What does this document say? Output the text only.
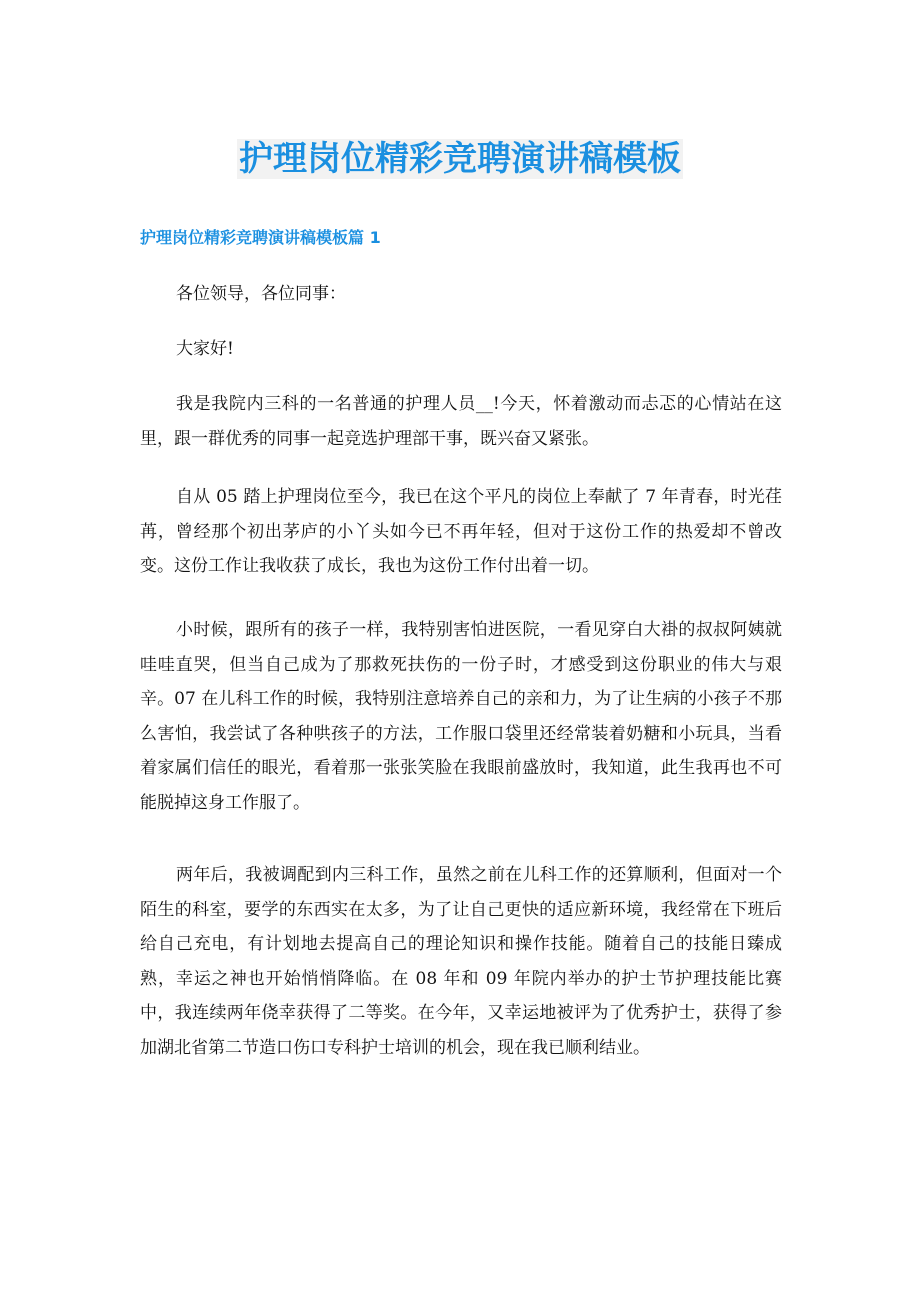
护理岗位精彩竞聘演讲稿模板
护理岗位精彩竞聘演讲稿模板篇 1

各位领导，各位同事：

大家好!

我是我院内三科的一名普通的护理人员__!今天，怀着激动而忐忑的心情站在这里，跟一群优秀的同事一起竞选护理部干事，既兴奋又紧张。

自从 05 踏上护理岗位至今，我已在这个平凡的岗位上奉献了 7 年青春，时光荏苒，曾经那个初出茅庐的小丫头如今已不再年轻，但对于这份工作的热爱却不曾改变。这份工作让我收获了成长，我也为这份工作付出着一切。

小时候，跟所有的孩子一样，我特别害怕进医院，一看见穿白大褂的叔叔阿姨就哇哇直哭，但当自己成为了那救死扶伤的一份子时，才感受到这份职业的伟大与艰辛。07 在儿科工作的时候，我特别注意培养自己的亲和力，为了让生病的小孩子不那么害怕，我尝试了各种哄孩子的方法，工作服口袋里还经常装着奶糖和小玩具，当看着家属们信任的眼光，看着那一张张笑脸在我眼前盛放时，我知道，此生我再也不可能脱掉这身工作服了。

两年后，我被调配到内三科工作，虽然之前在儿科工作的还算顺利，但面对一个陌生的科室，要学的东西实在太多，为了让自己更快的适应新环境，我经常在下班后给自己充电，有计划地去提高自己的理论知识和操作技能。随着自己的技能日臻成熟，幸运之神也开始悄悄降临。在 08 年和 09 年院内举办的护士节护理技能比赛中，我连续两年侥幸获得了二等奖。在今年，又幸运地被评为了优秀护士，获得了参加湖北省第二节造口伤口专科护士培训的机会，现在我已顺利结业。
